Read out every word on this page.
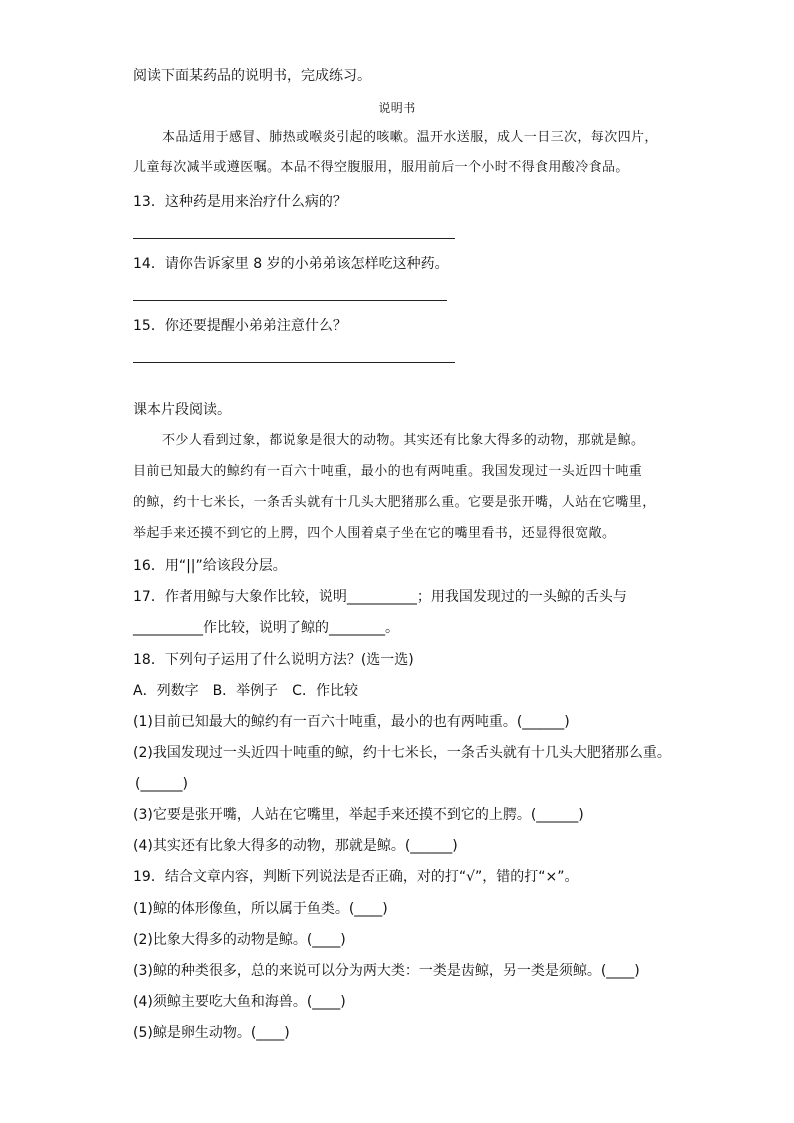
阅读下面某药品的说明书，完成练习。
说明书
本品适用于感冒、肺热或喉炎引起的咳嗽。温开水送服，成人一日三次，每次四片，
儿童每次减半或遵医嘱。本品不得空腹服用，服用前后一个小时不得食用酸冷食品。
13．这种药是用来治疗什么病的？
14．请你告诉家里 8 岁的小弟弟该怎样吃这种药。
15．你还要提醒小弟弟注意什么？
课本片段阅读。
不少人看到过象，都说象是很大的动物。其实还有比象大得多的动物，那就是鲸。
目前已知最大的鲸约有一百六十吨重，最小的也有两吨重。我国发现过一头近四十吨重
的鲸，约十七米长，一条舌头就有十几头大肥猪那么重。它要是张开嘴，人站在它嘴里，
举起手来还摸不到它的上腭，四个人围着桌子坐在它的嘴里看书，还显得很宽敞。
16．用“||”给该段分层。
17．作者用鲸与大象作比较，说明__________；用我国发现过的一头鲸的舌头与
__________作比较，说明了鲸的________。
18．下列句子运用了什么说明方法？(选一选)
A．列数字　B．举例子　C．作比较
(1)目前已知最大的鲸约有一百六十吨重，最小的也有两吨重。(______)
(2)我国发现过一头近四十吨重的鲸，约十七米长，一条舌头就有十几头大肥猪那么重。
(______)
(3)它要是张开嘴，人站在它嘴里，举起手来还摸不到它的上腭。(______)
(4)其实还有比象大得多的动物，那就是鲸。(______)
19．结合文章内容，判断下列说法是否正确，对的打“√”，错的打“×”。
(1)鲸的体形像鱼，所以属于鱼类。(____)
(2)比象大得多的动物是鲸。(____)
(3)鲸的种类很多，总的来说可以分为两大类：一类是齿鲸，另一类是须鲸。(____)
(4)须鲸主要吃大鱼和海兽。(____)
(5)鲸是卵生动物。(____)
